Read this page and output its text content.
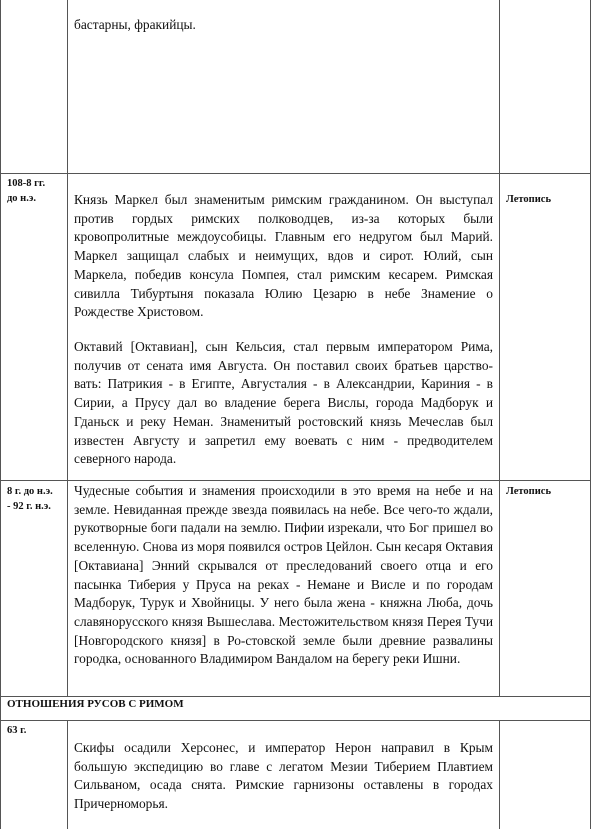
бастарны, фракийцы.

108-8 гг.
до н.э.	Летопись

Князь Маркел был знаменитым римским гражданином. Он выступал против гордых римских полководцев, из-за которых были кровопролитные междоусобицы. Главным его недругом был Марий. Маркел защищал слабых и неимущих, вдов и сирот. Юлий, сын Маркела, победив консула Помпея, стал римским кесарем. Римская сивилла Тибуртыня показала Юлию Цезарю в небе Знамение о Рождестве Христовом.

Октавий [Октавиан], сын Кельсия, стал первым императором Рима, получив от сената имя Августа. Он поставил своих братьев царство-вать: Патрикия - в Египте, Августалия - в Александрии, Кариния - в Сирии, а Прусу дал во владение берега Вислы, города Мадборук и Гданьск и реку Неман. Знаменитый ростовский князь Мечеслав был известен Августу и запретил ему воевать с ним - предводителем северного народа.

8 г. до н.э.
- 92 г. н.э.
Летопись

Чудесные события и знамения происходили в это время на небе и на земле. Невиданная прежде звезда появилась на небе. Все чего-то ждали, рукотворные боги падали на землю. Пифии изрекали, что Бог пришел во вселенную. Снова из моря появился остров Цейлон. Сын кесаря Октавия [Октавиана] Энний скрывался от преследований своего отца и его пасынка Тиберия у Пруса на реках - Немане и Висле и по городам Мадборук, Турук и Хвойницы. У него была жена - княжна Люба, дочь славянорусского князя Вышеслава. Местожительством князя Перея Тучи [Новгородского князя] в Ро-стовской земле были древние развалины городка, основанного Владимиром Вандалом на берегу реки Ишни.

ОТНОШЕНИЯ РУСОВ С РИМОМ
63 г.

Скифы осадили Херсонес, и император Нерон направил в Крым большую экспедицию во главе с легатом Мезии Тиберием Плавтием Сильваном, осада снята. Римские гарнизоны оставлены в городах Причерноморья.
